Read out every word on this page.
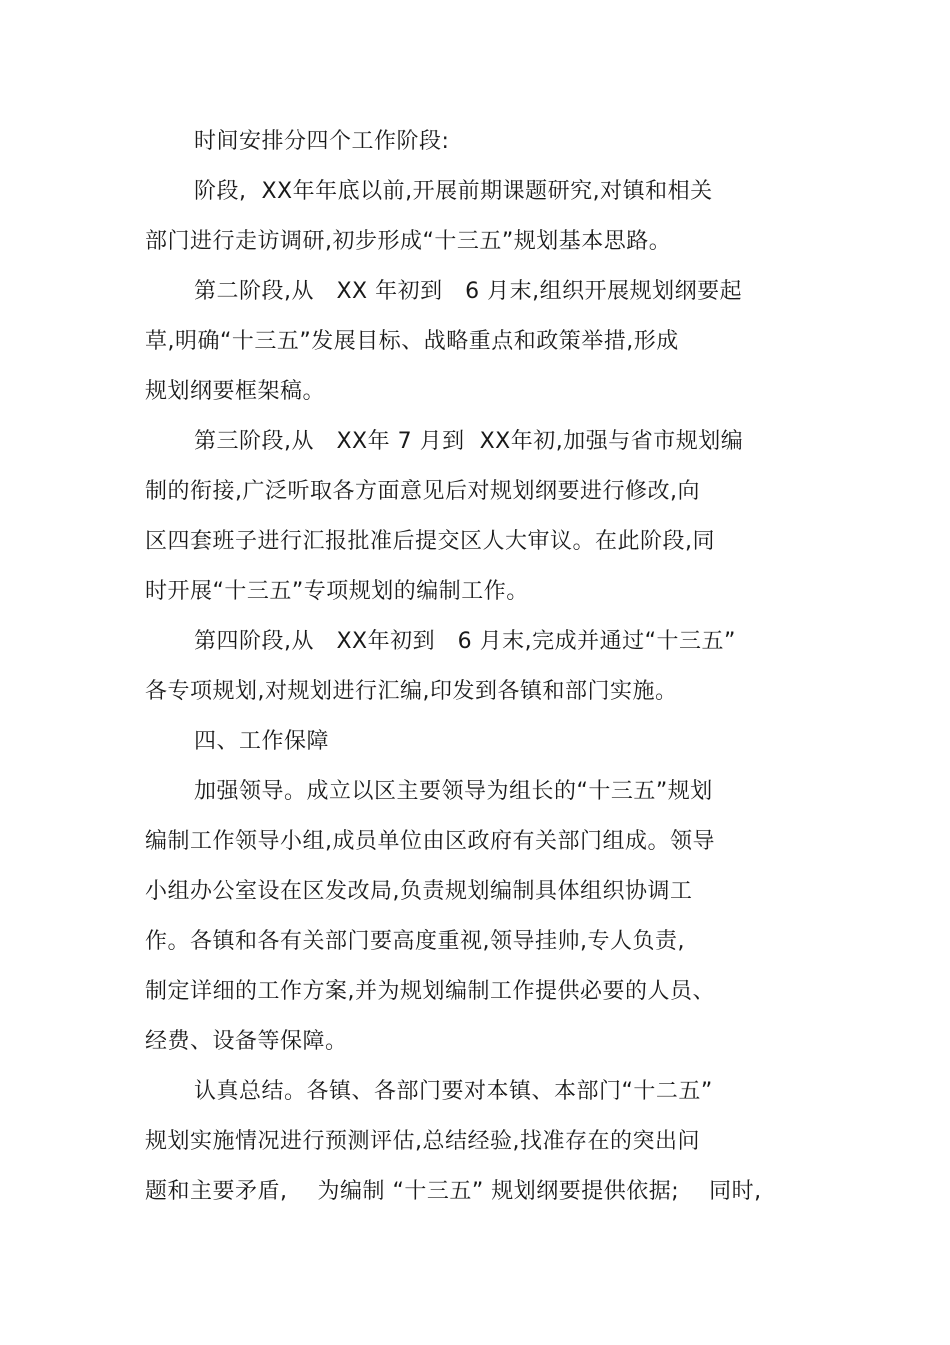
时间安排分四个工作阶段:
阶段,  XX年年底以前,开展前期课题研究,对镇和相关
部门进行走访调研,初步形成“十三五”规划基本思路。
第二阶段,从   XX 年初到   6 月末,组织开展规划纲要起
草,明确“十三五”发展目标、战略重点和政策举措,形成
规划纲要框架稿。
第三阶段,从   XX年 7 月到  XX年初,加强与省市规划编
制的衔接,广泛听取各方面意见后对规划纲要进行修改,向
区四套班子进行汇报批准后提交区人大审议。在此阶段,同
时开展“十三五”专项规划的编制工作。
第四阶段,从   XX年初到   6 月末,完成并通过“十三五”
各专项规划,对规划进行汇编,印发到各镇和部门实施。
四、工作保障
加强领导。成立以区主要领导为组长的“十三五”规划
编制工作领导小组,成员单位由区政府有关部门组成。领导
小组办公室设在区发改局,负责规划编制具体组织协调工
作。各镇和各有关部门要高度重视,领导挂帅,专人负责,
制定详细的工作方案,并为规划编制工作提供必要的人员、
经费、设备等保障。
认真总结。各镇、各部门要对本镇、本部门“十二五”
规划实施情况进行预测评估,总结经验,找准存在的突出问
题和主要矛盾,    为编制 “十三五” 规划纲要提供依据;    同时,
